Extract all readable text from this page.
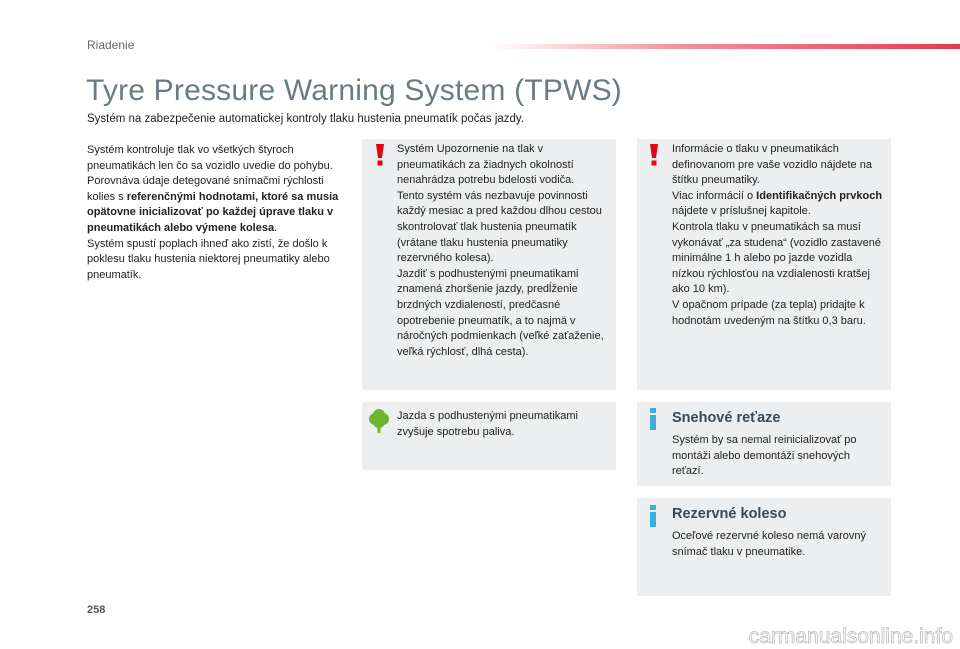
Riadenie
Tyre Pressure Warning System (TPWS)
Systém na zabezpečenie automatickej kontroly tlaku hustenia pneumatík počas jazdy.

Systém kontroluje tlak vo všetkých štyroch pneumatikách len čo sa vozidlo uvedie do pohybu.

Porovnáva údaje detegované snímačmi rýchlosti kolies s referenčnými hodnotami, ktoré sa musia opätovne inicializovať po každej úprave tlaku v pneumatikách alebo výmene kolesa.

Systém spustí poplach ihneď ako zistí, že došlo k poklesu tlaku hustenia niektorej pneumatiky alebo pneumatík.

Systém Upozornenie na tlak v pneumatikách za žiadnych okolností nenahrádza potrebu bdelosti vodiča.

Tento systém vás nezbavuje povinnosti každý mesiac a pred každou dlhou cestou skontrolovať tlak hustenia pneumatík (vrátane tlaku hustenia pneumatiky rezervného kolesa).

Jazdiť s podhustenými pneumatikami znamená zhoršenie jazdy, predĺženie brzdných vzdialeností, predčasné opotrebenie pneumatík, a to najmä v náročných podmienkach (veľké zaťaženie, veľká rýchlosť, dlhá cesta).

Informácie o tlaku v pneumatikách definovanom pre vaše vozidlo nájdete na štítku pneumatiky.

Viac informácií o Identifikačných prvkoch nájdete v príslušnej kapitole.

Kontrola tlaku v pneumatikách sa musí vykonávať „za studena“ (vozidlo zastavené minimálne 1 h alebo po jazde vozidla nízkou rýchlosťou na vzdialenosti kratšej ako 10 km).

V opačnom prípade (za tepla) pridajte k hodnotám uvedeným na štítku 0,3 baru.

Jazda s podhustenými pneumatikami zvyšuje spotrebu paliva.
Snehové reťaze
Systém by sa nemal reinicializovať po montáži alebo demontáži snehových reťazí.
Rezervné koleso
Oceľové rezervné koleso nemá varovný snímač tlaku v pneumatike.
258
carmanualsonline.info
